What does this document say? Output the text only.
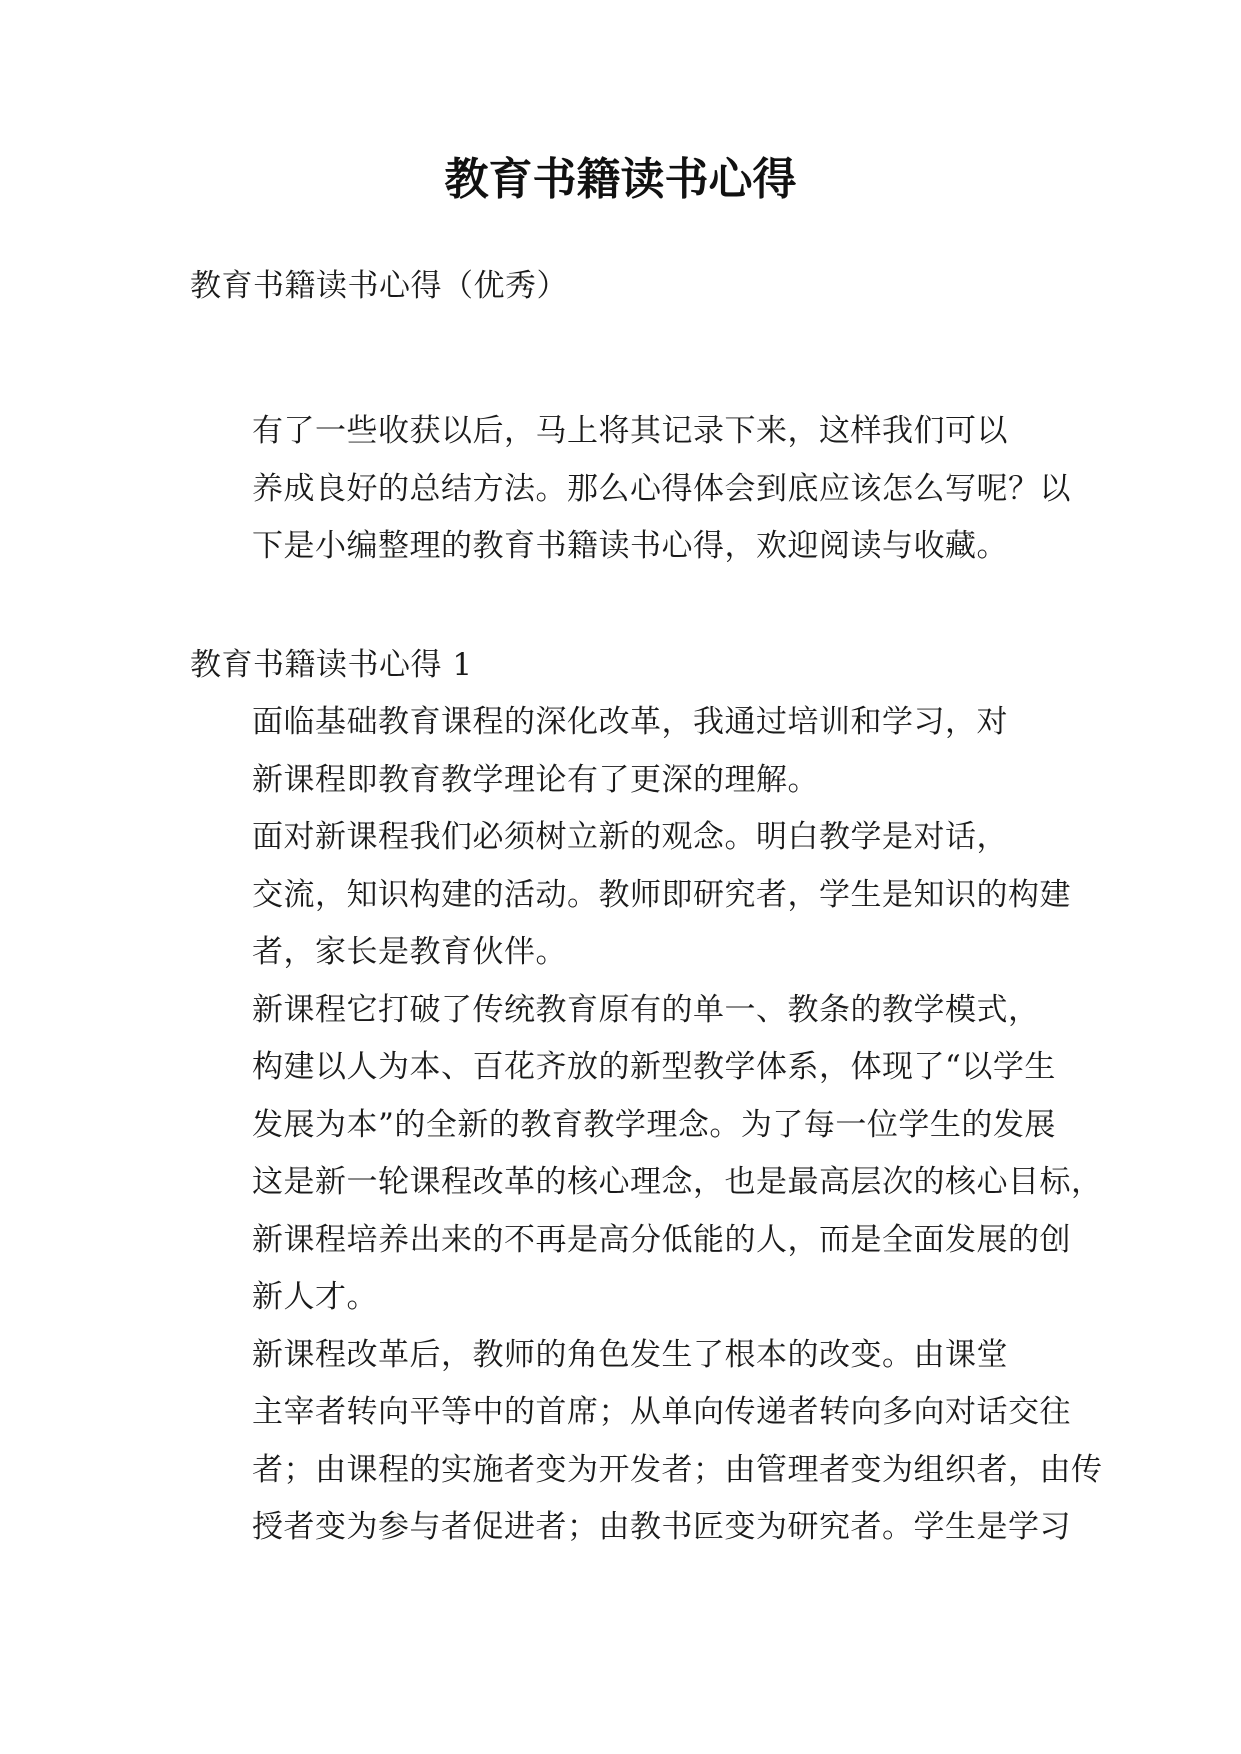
教育书籍读书心得
教育书籍读书心得（优秀）

有了一些收获以后，马上将其记录下来，这样我们可以
养成良好的总结方法。那么心得体会到底应该怎么写呢？以
下是小编整理的教育书籍读书心得，欢迎阅读与收藏。

教育书籍读书心得 1

面临基础教育课程的深化改革，我通过培训和学习，对
新课程即教育教学理论有了更深的理解。

面对新课程我们必须树立新的观念。明白教学是对话，
交流，知识构建的活动。教师即研究者，学生是知识的构建
者，家长是教育伙伴。

新课程它打破了传统教育原有的单一、教条的教学模式，
构建以人为本、百花齐放的新型教学体系，体现了“以学生
发展为本”的全新的教育教学理念。为了每一位学生的发展
这是新一轮课程改革的核心理念，也是最高层次的核心目标，
新课程培养出来的不再是高分低能的人，而是全面发展的创
新人才。

新课程改革后，教师的角色发生了根本的改变。由课堂
主宰者转向平等中的首席；从单向传递者转向多向对话交往
者；由课程的实施者变为开发者；由管理者变为组织者，由传
授者变为参与者促进者；由教书匠变为研究者。学生是学习
